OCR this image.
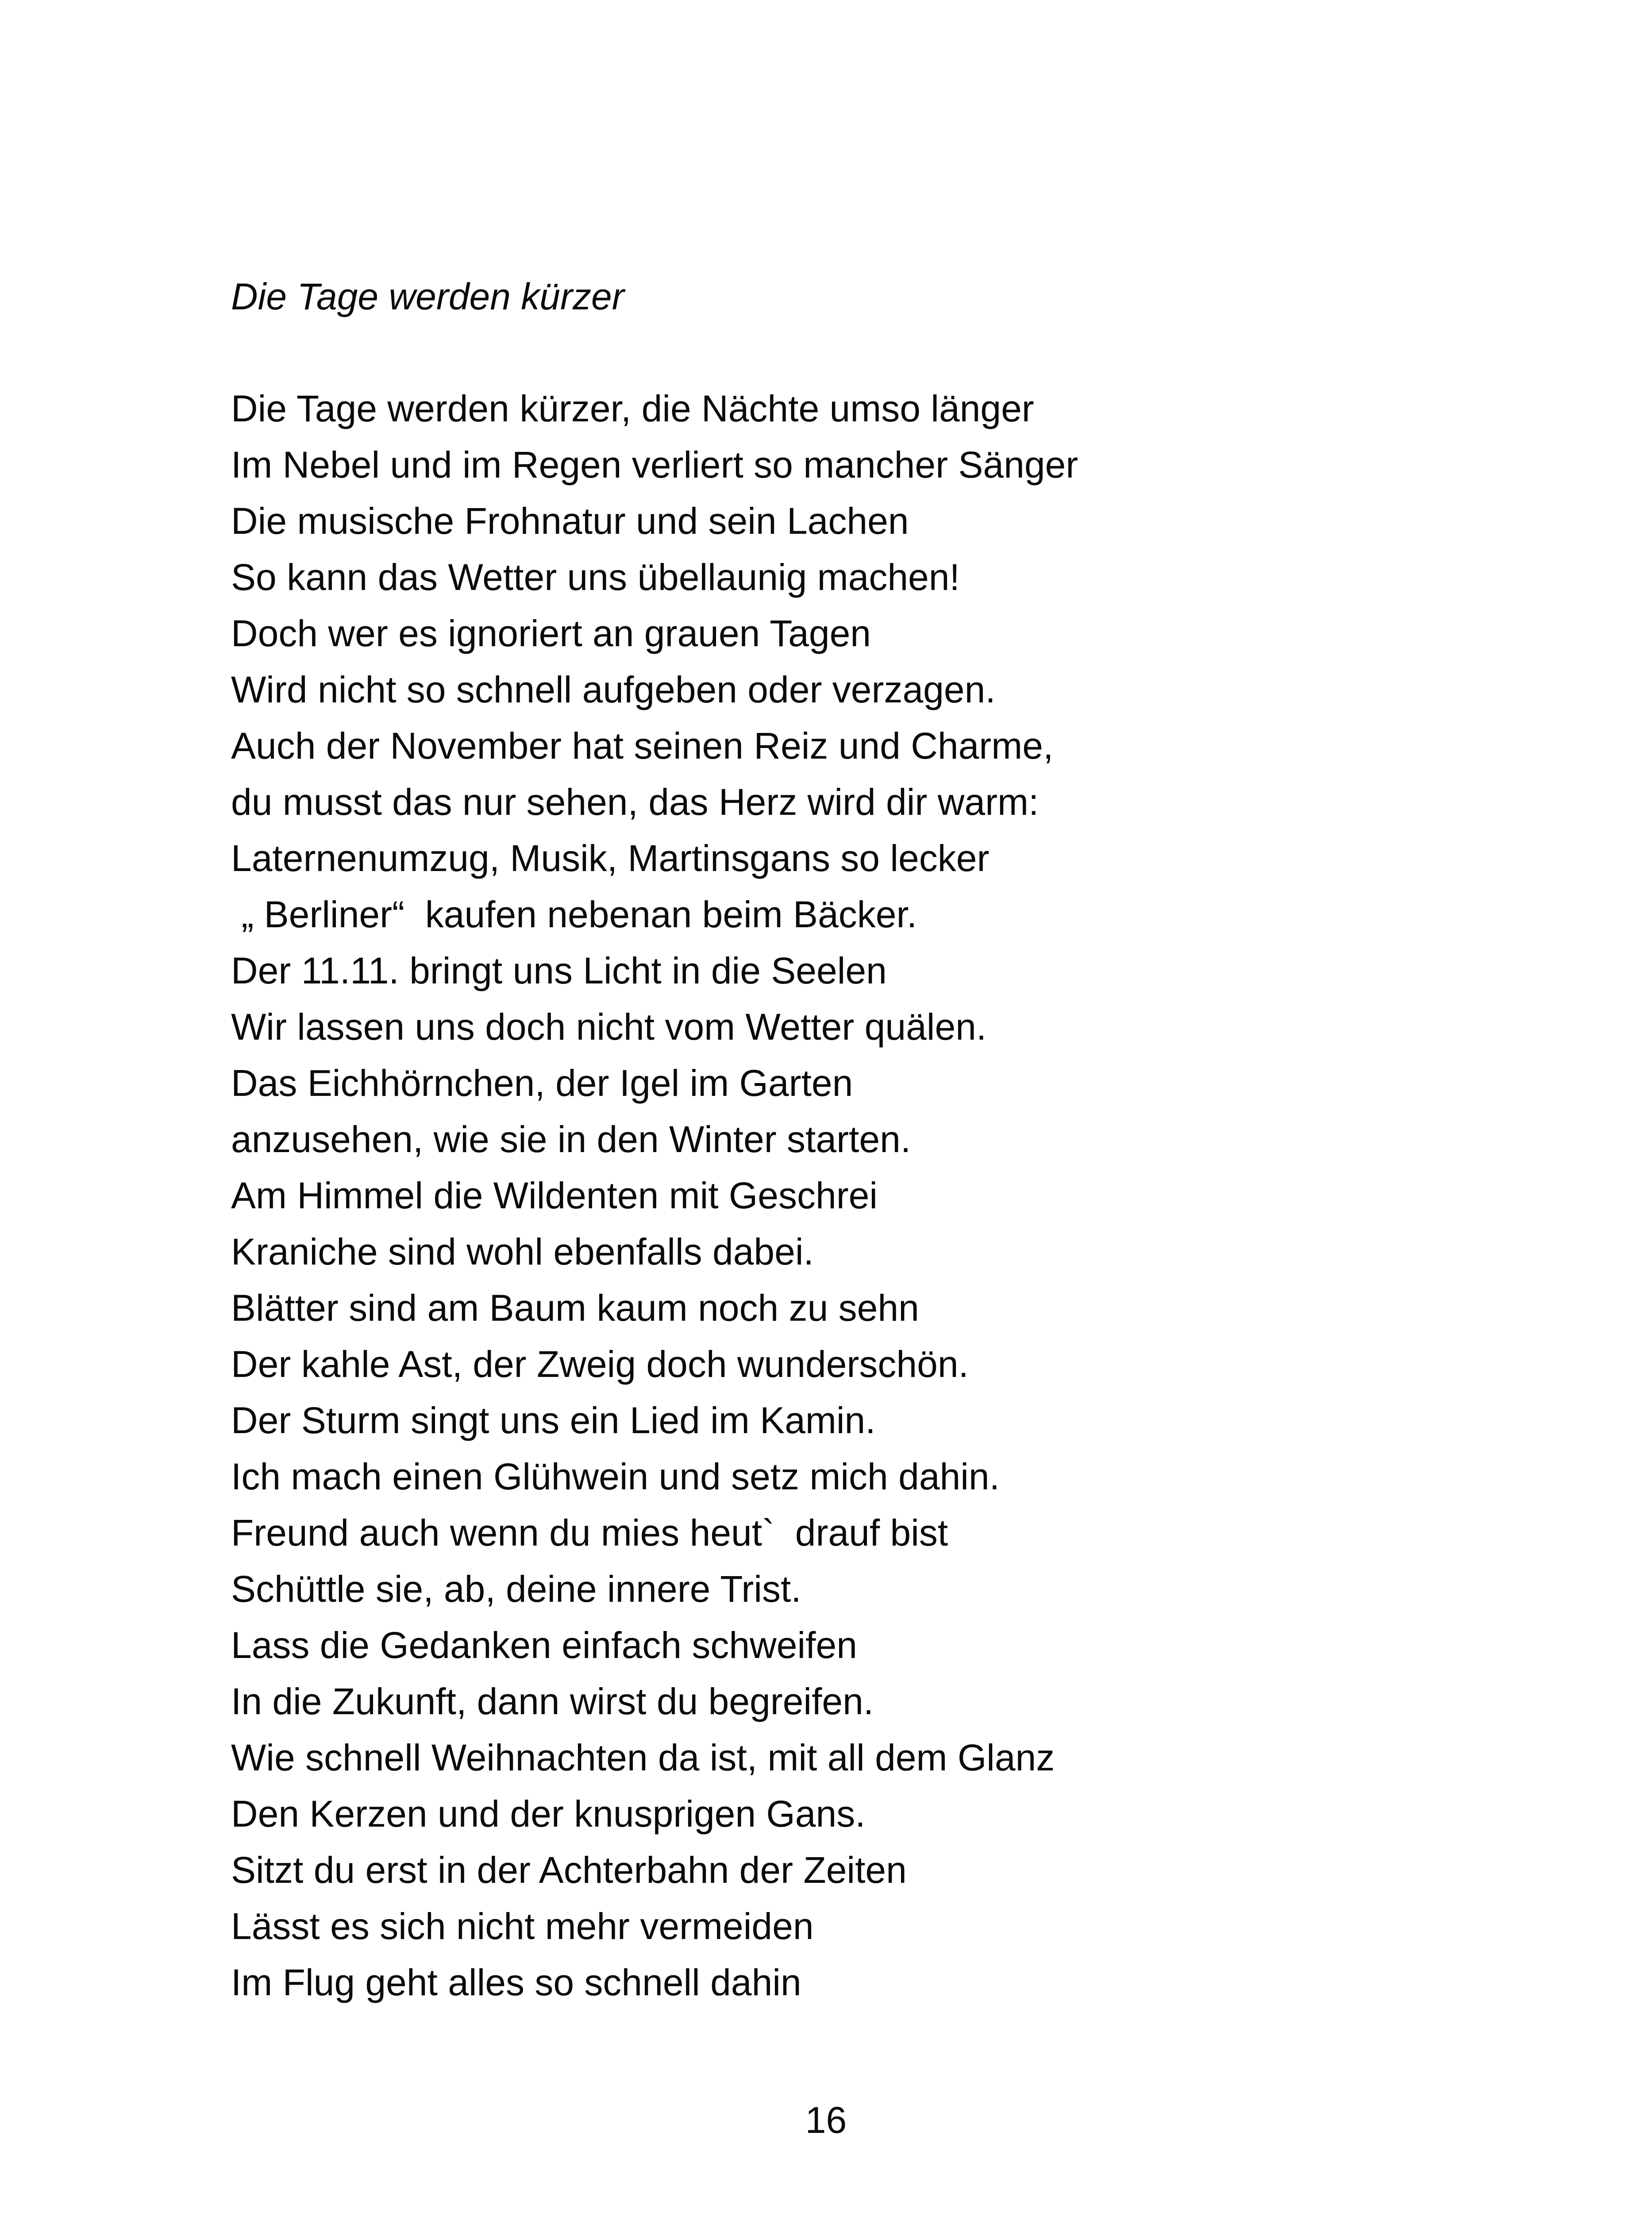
Die Tage werden kürzer
Die Tage werden kürzer, die Nächte umso länger
Im Nebel und im Regen verliert so mancher Sänger
Die musische Frohnatur und sein Lachen
So kann das Wetter uns übellaunig machen!
Doch wer es ignoriert an grauen Tagen
Wird nicht so schnell aufgeben oder verzagen.
Auch der November hat seinen Reiz und Charme,
du musst das nur sehen, das Herz wird dir warm:
Laternenumzug, Musik, Martinsgans so lecker
„ Berliner“  kaufen nebenan beim Bäcker.
Der 11.11. bringt uns Licht in die Seelen
Wir lassen uns doch nicht vom Wetter quälen.
Das Eichhörnchen, der Igel im Garten
anzusehen, wie sie in den Winter starten.
Am Himmel die Wildenten mit Geschrei
Kraniche sind wohl ebenfalls dabei.
Blätter sind am Baum kaum noch zu sehn
Der kahle Ast, der Zweig doch wunderschön.
Der Sturm singt uns ein Lied im Kamin.
Ich mach einen Glühwein und setz mich dahin.
Freund auch wenn du mies heut`  drauf bist
Schüttle sie, ab, deine innere Trist.
Lass die Gedanken einfach schweifen
In die Zukunft, dann wirst du begreifen.
Wie schnell Weihnachten da ist, mit all dem Glanz
Den Kerzen und der knusprigen Gans.
Sitzt du erst in der Achterbahn der Zeiten
Lässt es sich nicht mehr vermeiden
Im Flug geht alles so schnell dahin
16
